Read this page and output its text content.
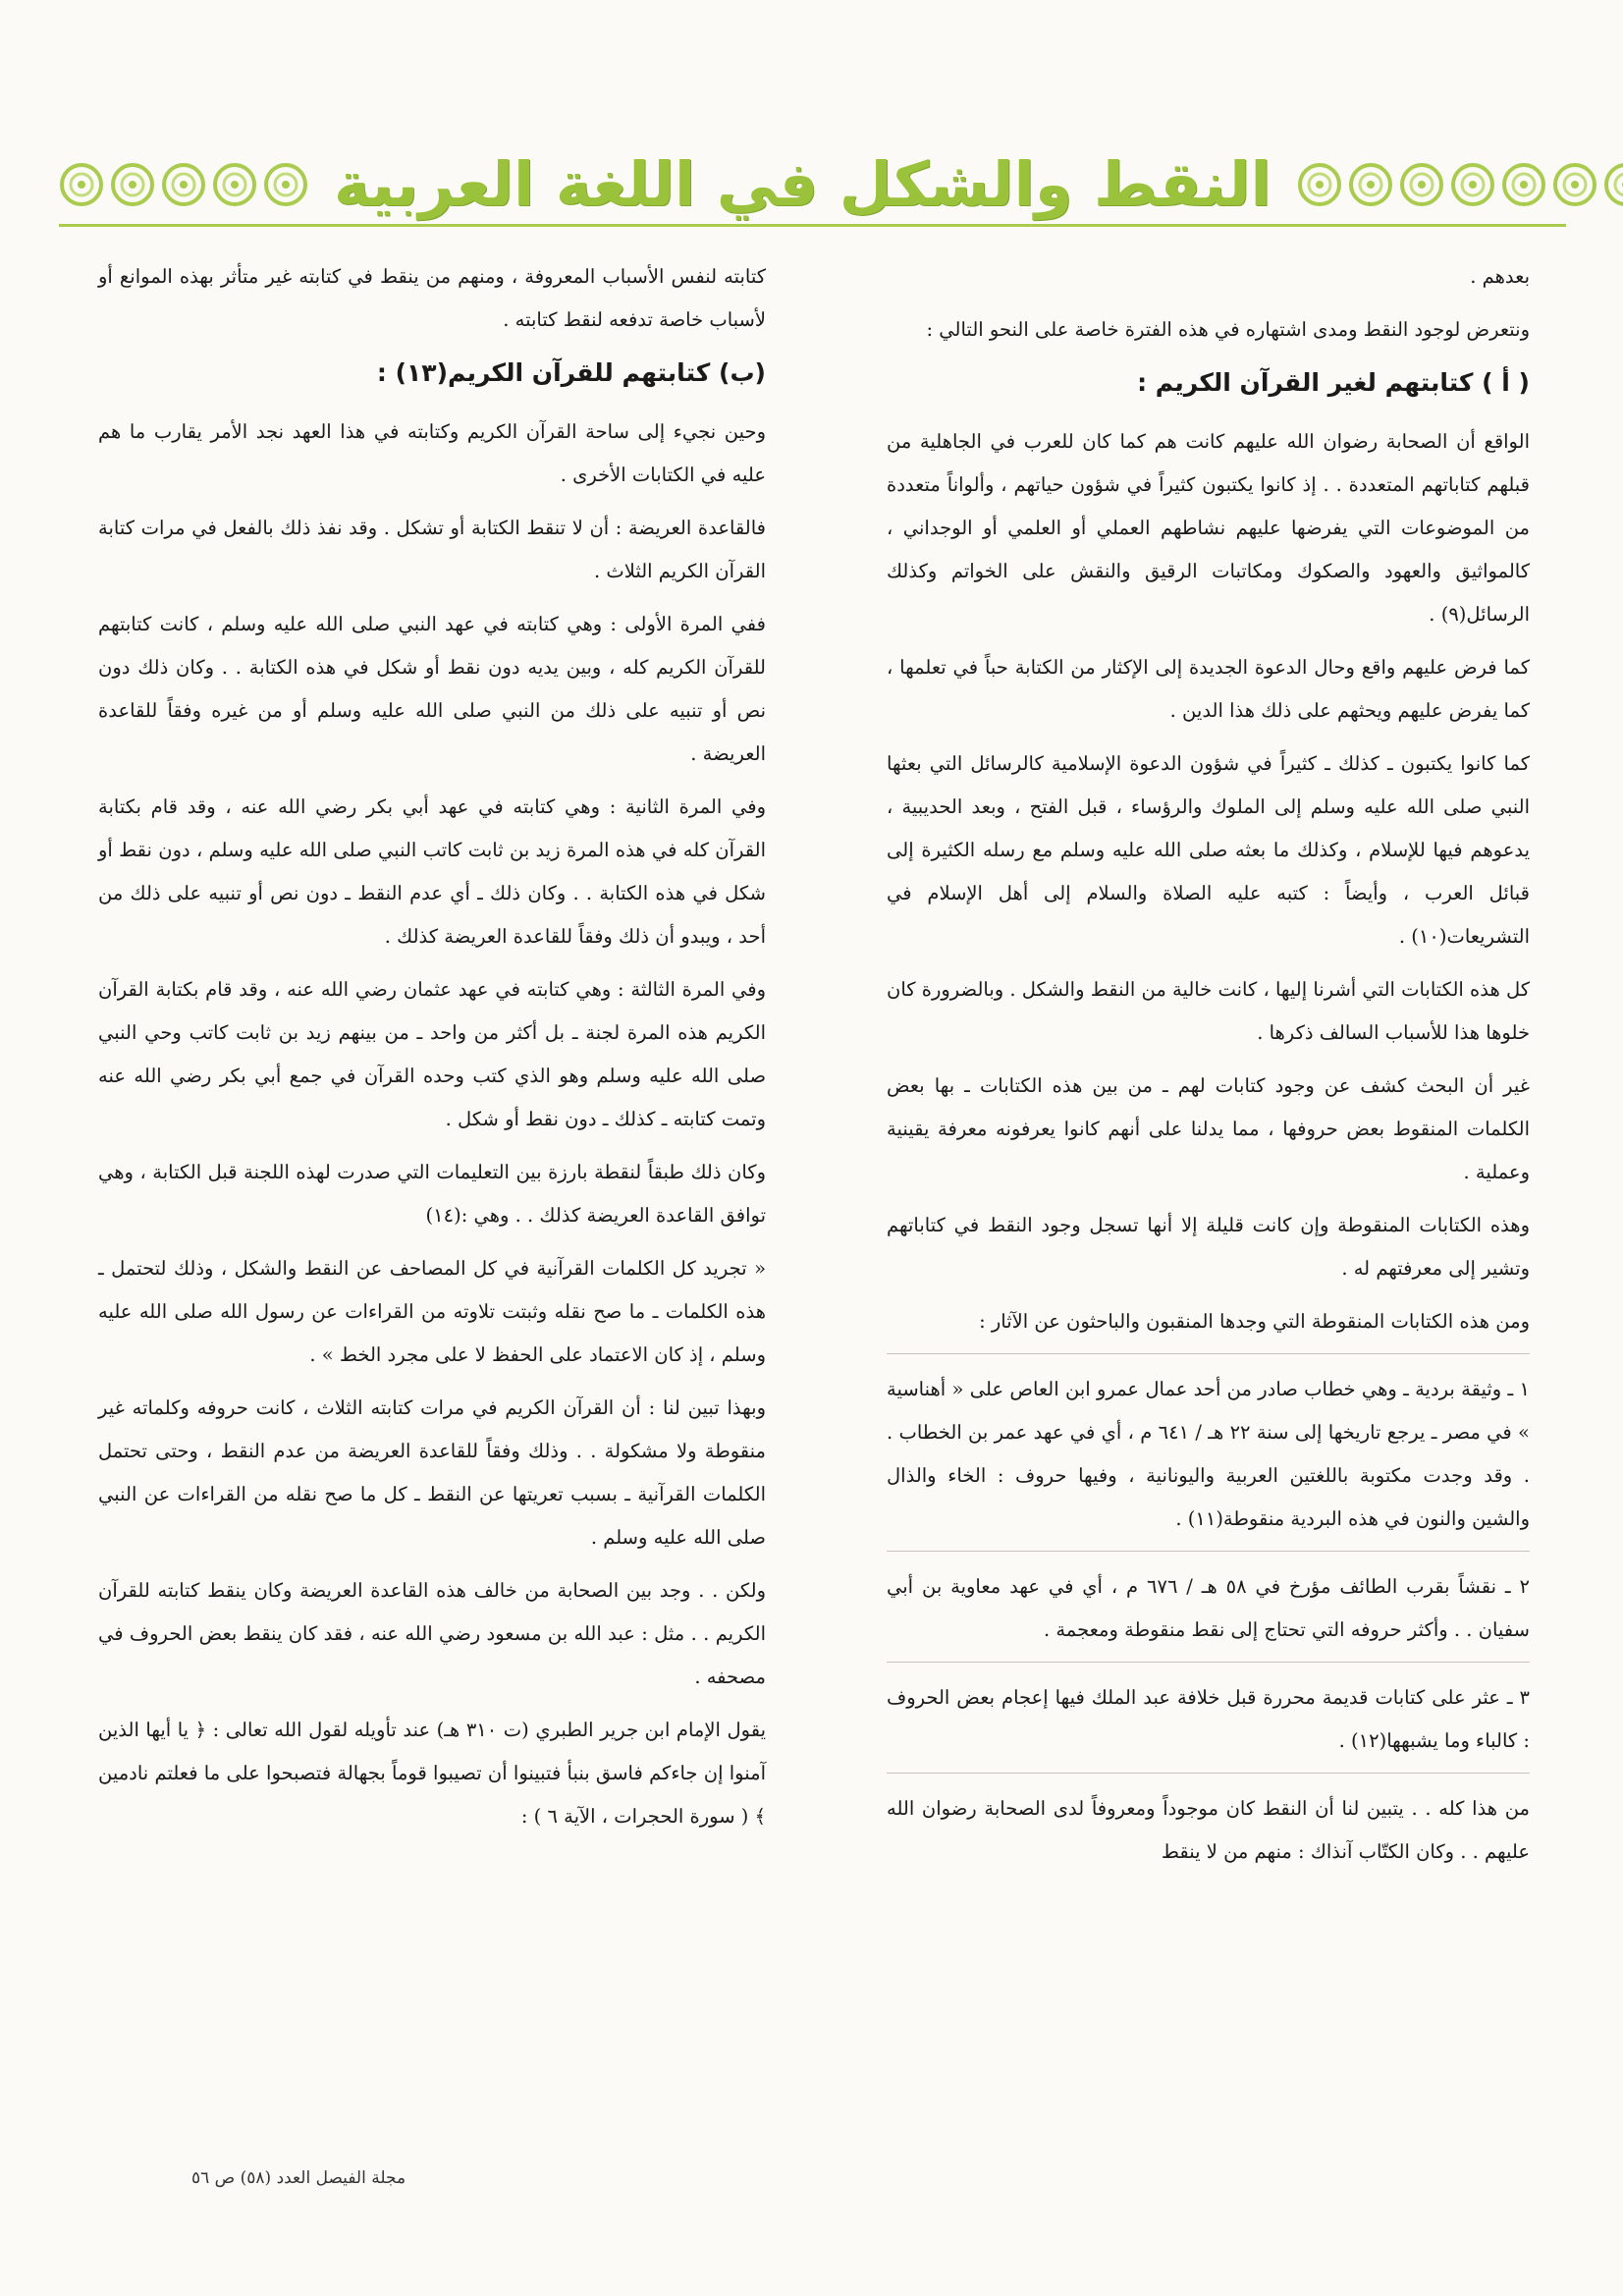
النقط والشكل في اللغة العربية

بعدهم .

ونتعرض لوجود النقط ومدى اشتهاره في هذه الفترة خاصة على النحو التالي :

( أ ) كتابتهم لغير القرآن الكريم :

الواقع أن الصحابة رضوان الله عليهم كانت هم كما كان للعرب في الجاهلية من قبلهم كتاباتهم المتعددة . . إذ كانوا يكتبون كثيراً في شؤون حياتهم ، وألواناً متعددة من الموضوعات التي يفرضها عليهم نشاطهم العملي أو العلمي أو الوجداني ، كالمواثيق والعهود والصكوك ومكاتبات الرقيق والنقش على الخواتم وكذلك الرسائل(٩) .

كما فرض عليهم واقع وحال الدعوة الجديدة إلى الإكثار من الكتابة حباً في تعلمها ، كما يفرض عليهم ويحثهم على ذلك هذا الدين .

كما كانوا يكتبون ـ كذلك ـ كثيراً في شؤون الدعوة الإسلامية كالرسائل التي بعثها النبي صلى الله عليه وسلم إلى الملوك والرؤساء ، قبل الفتح ، وبعد الحديبية ، يدعوهم فيها للإسلام ، وكذلك ما بعثه صلى الله عليه وسلم مع رسله الكثيرة إلى قبائل العرب ، وأيضاً : كتبه عليه الصلاة والسلام إلى أهل الإسلام في التشريعات(١٠) .

كل هذه الكتابات التي أشرنا إليها ، كانت خالية من النقط والشكل . وبالضرورة كان خلوها هذا للأسباب السالف ذكرها .

غير أن البحث كشف عن وجود كتابات لهم ـ من بين هذه الكتابات ـ بها بعض الكلمات المنقوط بعض حروفها ، مما يدلنا على أنهم كانوا يعرفونه معرفة يقينية وعملية .

وهذه الكتابات المنقوطة وإن كانت قليلة إلا أنها تسجل وجود النقط في كتاباتهم وتشير إلى معرفتهم له .

ومن هذه الكتابات المنقوطة التي وجدها المنقبون والباحثون عن الآثار :

١ ـ وثيقة بردية ـ وهي خطاب صادر من أحد عمال عمرو ابن العاص على « أهناسية » في مصر ـ يرجع تاريخها إلى سنة ٢٢ هـ / ٦٤١ م ، أي في عهد عمر بن الخطاب . . وقد وجدت مكتوبة باللغتين العربية واليونانية ، وفيها حروف : الخاء والذال والشين والنون في هذه البردية منقوطة(١١) .

٢ ـ نقشاً بقرب الطائف مؤرخ في ٥٨ هـ / ٦٧٦ م ، أي في عهد معاوية بن أبي سفيان . . وأكثر حروفه التي تحتاج إلى نقط منقوطة ومعجمة .

٣ ـ عثر على كتابات قديمة محررة قبل خلافة عبد الملك فيها إعجام بعض الحروف : كالباء وما يشبهها(١٢) .

من هذا كله . . يتبين لنا أن النقط كان موجوداً ومعروفاً لدى الصحابة رضوان الله عليهم . . وكان الكتّاب آنذاك : منهم من لا ينقط

كتابته لنفس الأسباب المعروفة ، ومنهم من ينقط في كتابته غير متأثر بهذه الموانع أو لأسباب خاصة تدفعه لنقط كتابته .

(ب) كتابتهم للقرآن الكريم(١٣) :

وحين نجيء إلى ساحة القرآن الكريم وكتابته في هذا العهد نجد الأمر يقارب ما هم عليه في الكتابات الأخرى .

فالقاعدة العريضة : أن لا تنقط الكتابة أو تشكل . وقد نفذ ذلك بالفعل في مرات كتابة القرآن الكريم الثلاث .

ففي المرة الأولى : وهي كتابته في عهد النبي صلى الله عليه وسلم ، كانت كتابتهم للقرآن الكريم كله ، وبين يديه دون نقط أو شكل في هذه الكتابة . . وكان ذلك دون نص أو تنبيه على ذلك من النبي صلى الله عليه وسلم أو من غيره وفقاً للقاعدة العريضة .

وفي المرة الثانية : وهي كتابته في عهد أبي بكر رضي الله عنه ، وقد قام بكتابة القرآن كله في هذه المرة زيد بن ثابت كاتب النبي صلى الله عليه وسلم ، دون نقط أو شكل في هذه الكتابة . . وكان ذلك ـ أي عدم النقط ـ دون نص أو تنبيه على ذلك من أحد ، ويبدو أن ذلك وفقاً للقاعدة العريضة كذلك .

وفي المرة الثالثة : وهي كتابته في عهد عثمان رضي الله عنه ، وقد قام بكتابة القرآن الكريم هذه المرة لجنة ـ بل أكثر من واحد ـ من بينهم زيد بن ثابت كاتب وحي النبي صلى الله عليه وسلم وهو الذي كتب وحده القرآن في جمع أبي بكر رضي الله عنه وتمت كتابته ـ كذلك ـ دون نقط أو شكل .

وكان ذلك طبقاً لنقطة بارزة بين التعليمات التي صدرت لهذه اللجنة قبل الكتابة ، وهي توافق القاعدة العريضة كذلك . . وهي :(١٤)

« تجريد كل الكلمات القرآنية في كل المصاحف عن النقط والشكل ، وذلك لتحتمل ـ هذه الكلمات ـ ما صح نقله وثبتت تلاوته من القراءات عن رسول الله صلى الله عليه وسلم ، إذ كان الاعتماد على الحفظ لا على مجرد الخط » .

وبهذا تبين لنا : أن القرآن الكريم في مرات كتابته الثلاث ، كانت حروفه وكلماته غير منقوطة ولا مشكولة . . وذلك وفقاً للقاعدة العريضة من عدم النقط ، وحتى تحتمل الكلمات القرآنية ـ بسبب تعريتها عن النقط ـ كل ما صح نقله من القراءات عن النبي صلى الله عليه وسلم .

ولكن . . وجد بين الصحابة من خالف هذه القاعدة العريضة وكان ينقط كتابته للقرآن الكريم . . مثل : عبد الله بن مسعود رضي الله عنه ، فقد كان ينقط بعض الحروف في مصحفه .

يقول الإمام ابن جرير الطبري (ت ٣١٠ هـ) عند تأويله لقول الله تعالى : ﴿ يا أيها الذين آمنوا إن جاءكم فاسق بنبأ فتبينوا أن تصيبوا قوماً بجهالة فتصبحوا على ما فعلتم نادمين ﴾ ( سورة الحجرات ، الآية ٦ ) :

مجلة الفيصل العدد (٥٨) ص ٥٦
